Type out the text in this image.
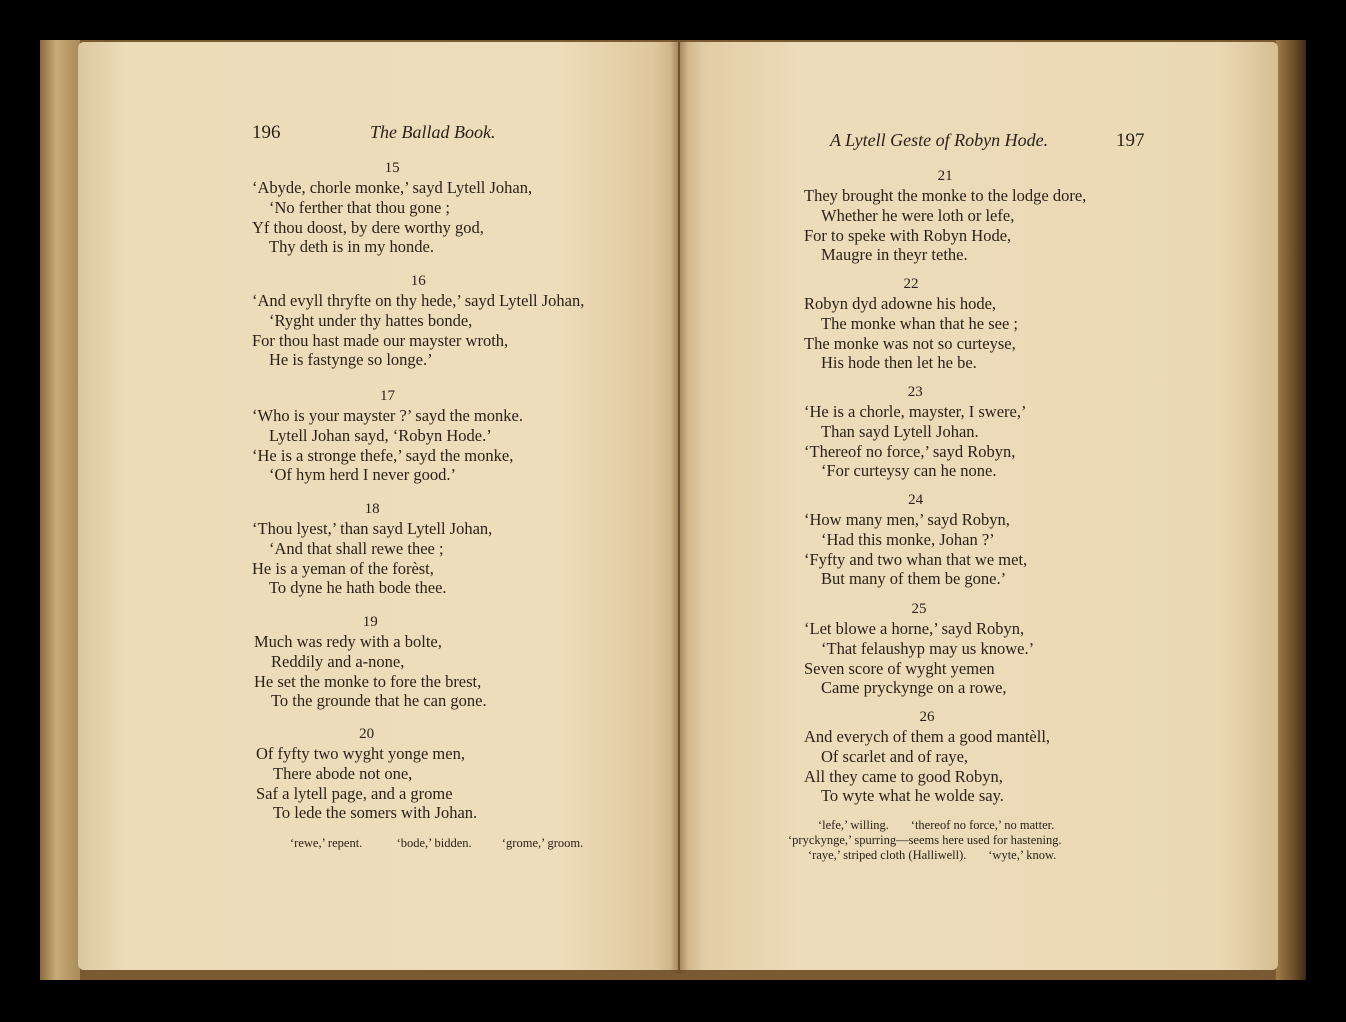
196	The Ballad Book.
15
‘Abyde, chorle monke,’ sayd Lytell Johan,
‘No ferther that thou gone ;
Yf thou doost, by dere worthy god,
Thy deth is in my honde.
16
‘And evyll thryfte on thy hede,’ sayd Lytell Johan,
‘Ryght under thy hattes bonde,
For thou hast made our mayster wroth,
He is fastynge so longe.’
17
‘Who is your mayster ?’ sayd the monke.
Lytell Johan sayd, ‘Robyn Hode.’
‘He is a stronge thefe,’ sayd the monke,
‘Of hym herd I never good.’
18
‘Thou lyest,’ than sayd Lytell Johan,
‘And that shall rewe thee ;
He is a yeman of the forèst,
To dyne he hath bode thee.
19
Much was redy with a bolte,
Reddily and a-none,
He set the monke to fore the brest,
To the grounde that he can gone.
20
Of fyfty two wyght yonge men,
There abode not one,
Saf a lytell page, and a grome
To lede the somers with Johan.
‘rewe,’ repent.	‘bode,’ bidden. ‘grome,’ groom.
A Lytell Geste of Robyn Hode.	197
21
They brought the monke to the lodge dore,
Whether he were loth or lefe,
For to speke with Robyn Hode,
Maugre in theyr tethe.
22
Robyn dyd adowne his hode,
The monke whan that he see ;
The monke was not so curteyse,
His hode then let he be.
23
‘He is a chorle, mayster, I swere,’
Than sayd Lytell Johan.
‘Thereof no force,’ sayd Robyn,
‘For curteysy can he none.
24
‘How many men,’ sayd Robyn,
‘Had this monke, Johan ?’
‘Fyfty and two whan that we met,
But many of them be gone.’
25
‘Let blowe a horne,’ sayd Robyn,
‘That felaushyp may us knowe.’
Seven score of wyght yemen
Came pryckynge on a rowe,
26
And everych of them a good mantèll,
Of scarlet and of raye,
All they came to good Robyn,
To wyte what he wolde say.
‘lefe,’ willing.       ‘thereof no force,’ no matter.
‘pryckynge,’ spurring—seems here used for hastening.
‘raye,’ striped cloth (Halliwell).       ‘wyte,’ know.
